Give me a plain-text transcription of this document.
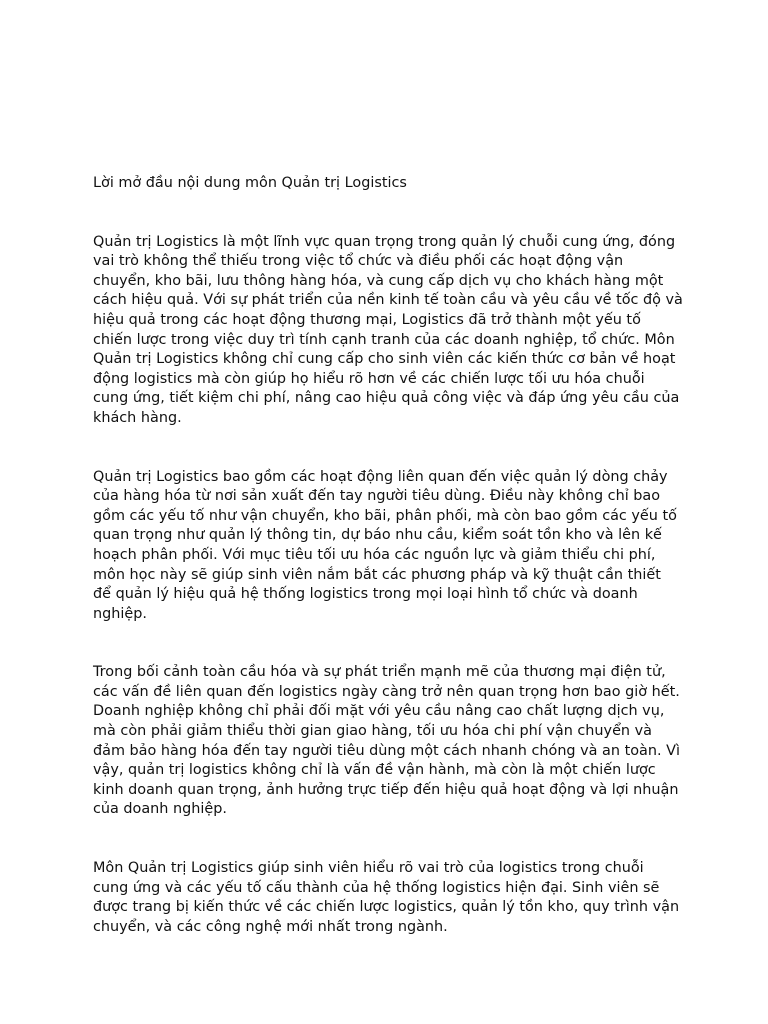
Lời mở đầu nội dung môn Quản trị Logistics
Quản trị Logistics là một lĩnh vực quan trọng trong quản lý chuỗi cung ứng, đóng vai trò không thể thiếu trong việc tổ chức và điều phối các hoạt động vận chuyển, kho bãi, lưu thông hàng hóa, và cung cấp dịch vụ cho khách hàng một cách hiệu quả. Với sự phát triển của nền kinh tế toàn cầu và yêu cầu về tốc độ và hiệu quả trong các hoạt động thương mại, Logistics đã trở thành một yếu tố chiến lược trong việc duy trì tính cạnh tranh của các doanh nghiệp, tổ chức. Môn Quản trị Logistics không chỉ cung cấp cho sinh viên các kiến thức cơ bản về hoạt động logistics mà còn giúp họ hiểu rõ hơn về các chiến lược tối ưu hóa chuỗi cung ứng, tiết kiệm chi phí, nâng cao hiệu quả công việc và đáp ứng yêu cầu của khách hàng.
Quản trị Logistics bao gồm các hoạt động liên quan đến việc quản lý dòng chảy của hàng hóa từ nơi sản xuất đến tay người tiêu dùng. Điều này không chỉ bao gồm các yếu tố như vận chuyển, kho bãi, phân phối, mà còn bao gồm các yếu tố quan trọng như quản lý thông tin, dự báo nhu cầu, kiểm soát tồn kho và lên kế hoạch phân phối. Với mục tiêu tối ưu hóa các nguồn lực và giảm thiểu chi phí, môn học này sẽ giúp sinh viên nắm bắt các phương pháp và kỹ thuật cần thiết để quản lý hiệu quả hệ thống logistics trong mọi loại hình tổ chức và doanh nghiệp.
Trong bối cảnh toàn cầu hóa và sự phát triển mạnh mẽ của thương mại điện tử, các vấn đề liên quan đến logistics ngày càng trở nên quan trọng hơn bao giờ hết. Doanh nghiệp không chỉ phải đối mặt với yêu cầu nâng cao chất lượng dịch vụ, mà còn phải giảm thiểu thời gian giao hàng, tối ưu hóa chi phí vận chuyển và đảm bảo hàng hóa đến tay người tiêu dùng một cách nhanh chóng và an toàn. Vì vậy, quản trị logistics không chỉ là vấn đề vận hành, mà còn là một chiến lược kinh doanh quan trọng, ảnh hưởng trực tiếp đến hiệu quả hoạt động và lợi nhuận của doanh nghiệp.
Môn Quản trị Logistics giúp sinh viên hiểu rõ vai trò của logistics trong chuỗi cung ứng và các yếu tố cấu thành của hệ thống logistics hiện đại. Sinh viên sẽ được trang bị kiến thức về các chiến lược logistics, quản lý tồn kho, quy trình vận chuyển, và các công nghệ mới nhất trong ngành.
